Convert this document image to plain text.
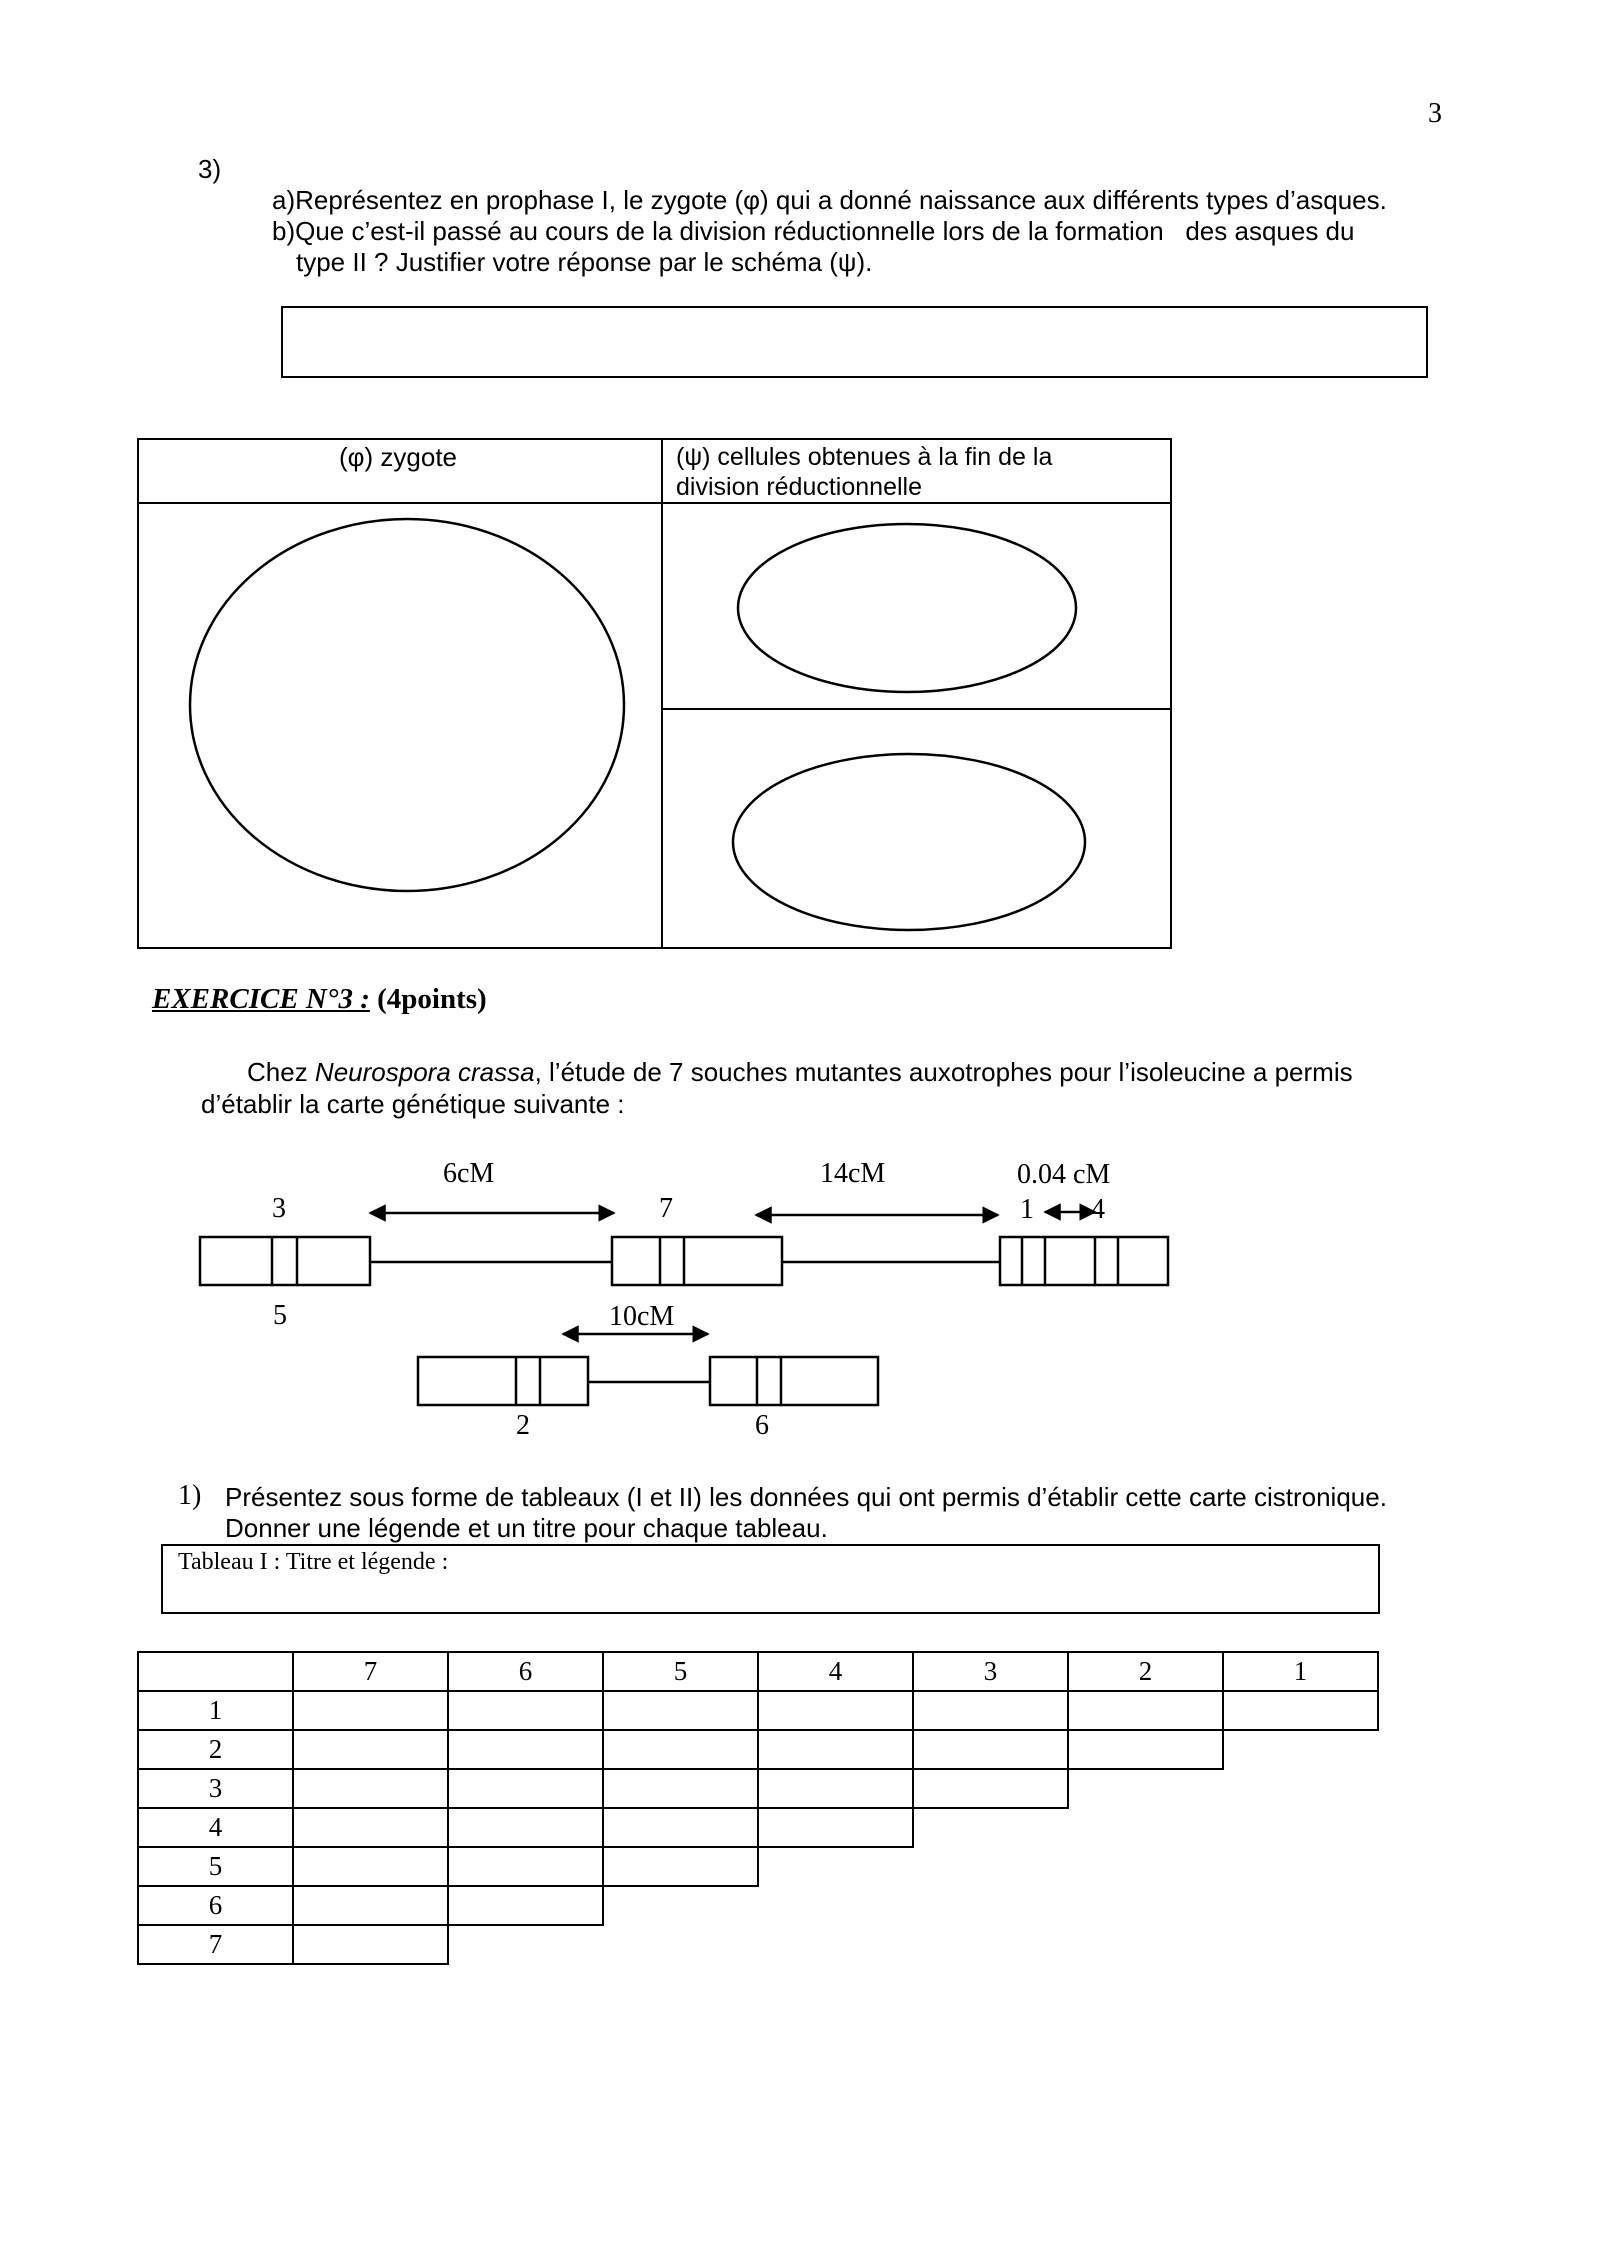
3
3)
a)Représentez en prophase I, le zygote (φ) qui a donné naissance aux différents types d’asques.
b)Que c’est-il passé au cours de la division réductionnelle lors de la formation   des asques du
type II ? Justifier votre réponse par le schéma (ψ).
(φ) zygote	(ψ) cellules obtenues à la fin de la
division réductionnelle
EXERCICE N°3 : (4points)
Chez Neurospora crassa, l’étude de 7 souches mutantes auxotrophes pour l’isoleucine a permis
d’établir la carte génétique suivante :
6cM	14cM	0.04 cM
10cM
3
5
7	1 4
2	6
1) Présentez sous forme de tableaux (I et II) les données qui ont permis d’établir cette carte cistronique.
Donner une légende et un titre pour chaque tableau.
Tableau I : Titre et légende :
7	6	5	4	3	2	1
1
2
3
4
5
6
7
